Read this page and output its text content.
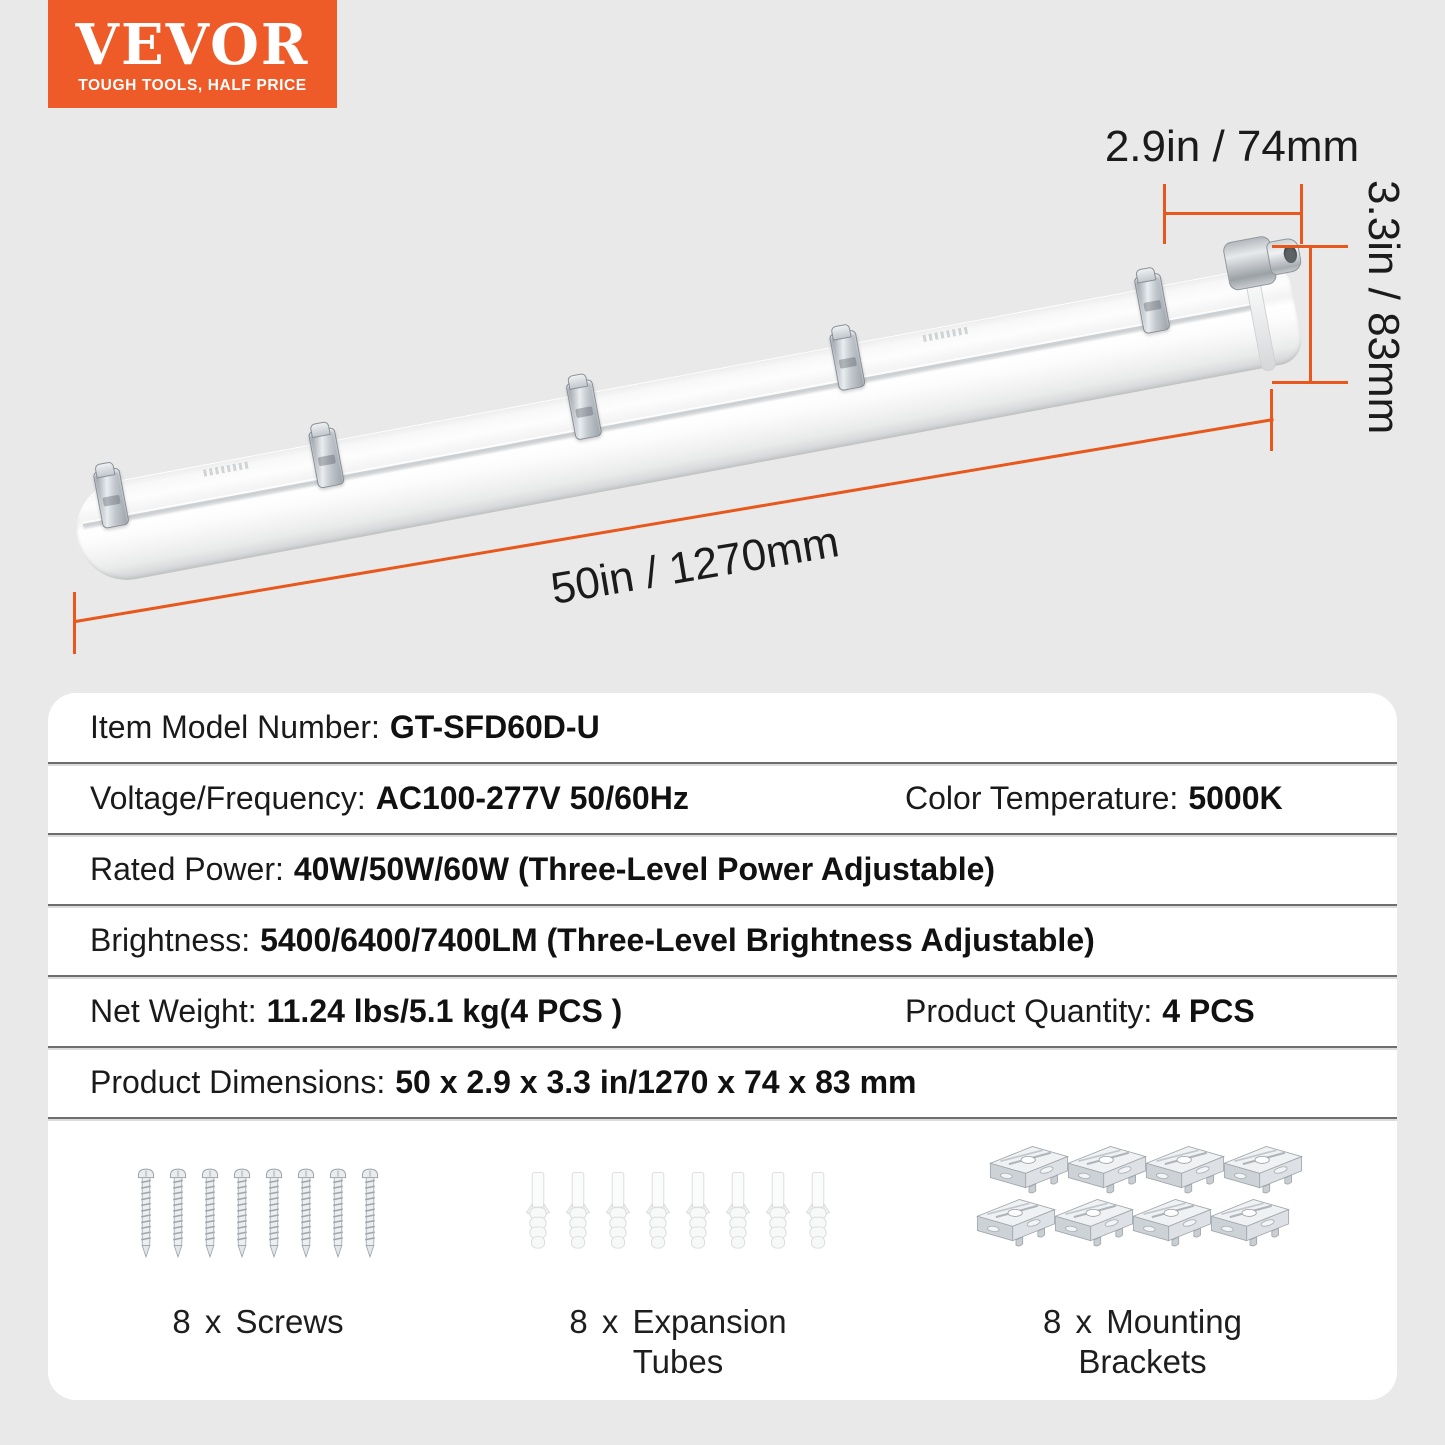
VEVOR
TOUGH TOOLS, HALF PRICE
2.9in / 74mm
3.3in / 83mm
50in / 1270mm
Item Model Number: GT-SFD60D-U
Voltage/Frequency: AC100-277V 50/60Hz	Color Temperature: 5000K
Rated Power: 40W/50W/60W (Three-Level Power Adjustable)
Brightness: 5400/6400/7400LM (Three-Level Brightness Adjustable)
Net Weight: 11.24 lbs/5.1 kg(4 PCS )	Product Quantity: 4 PCS
Product Dimensions: 50 x 2.9 x 3.3 in/1270 x 74 x 83 mm
8 x Screws	8 x Expansion
Tubes
8 x Mounting
Brackets
